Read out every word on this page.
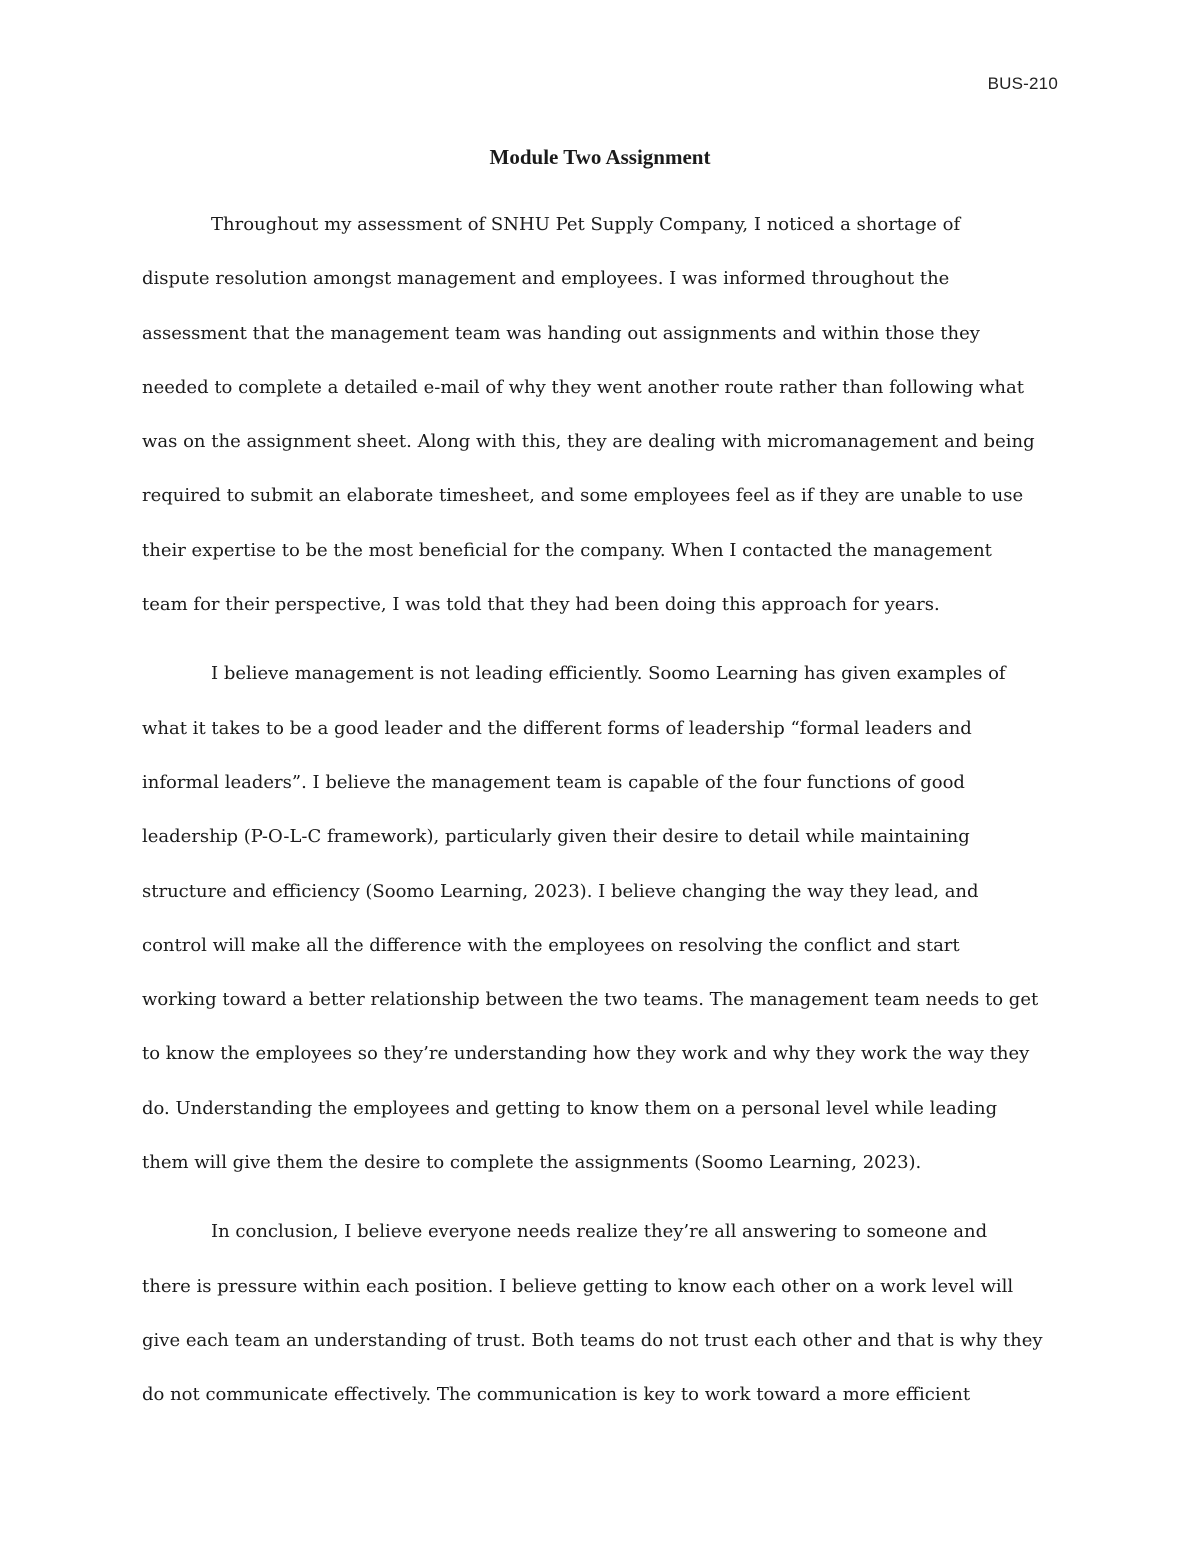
BUS-210
Module Two Assignment

Throughout my assessment of SNHU Pet Supply Company, I noticed a shortage of
dispute resolution amongst management and employees. I was informed throughout the
assessment that the management team was handing out assignments and within those they
needed to complete a detailed e-mail of why they went another route rather than following what
was on the assignment sheet. Along with this, they are dealing with micromanagement and being
required to submit an elaborate timesheet, and some employees feel as if they are unable to use
their expertise to be the most beneficial for the company. When I contacted the management
team for their perspective, I was told that they had been doing this approach for years.

I believe management is not leading efficiently. Soomo Learning has given examples of
what it takes to be a good leader and the different forms of leadership “formal leaders and
informal leaders”. I believe the management team is capable of the four functions of good
leadership (P-O-L-C framework), particularly given their desire to detail while maintaining
structure and efficiency (Soomo Learning, 2023). I believe changing the way they lead, and
control will make all the difference with the employees on resolving the conflict and start
working toward a better relationship between the two teams. The management team needs to get
to know the employees so they’re understanding how they work and why they work the way they
do. Understanding the employees and getting to know them on a personal level while leading
them will give them the desire to complete the assignments (Soomo Learning, 2023).

In conclusion, I believe everyone needs realize they’re all answering to someone and
there is pressure within each position. I believe getting to know each other on a work level will
give each team an understanding of trust. Both teams do not trust each other and that is why they
do not communicate effectively. The communication is key to work toward a more efficient
